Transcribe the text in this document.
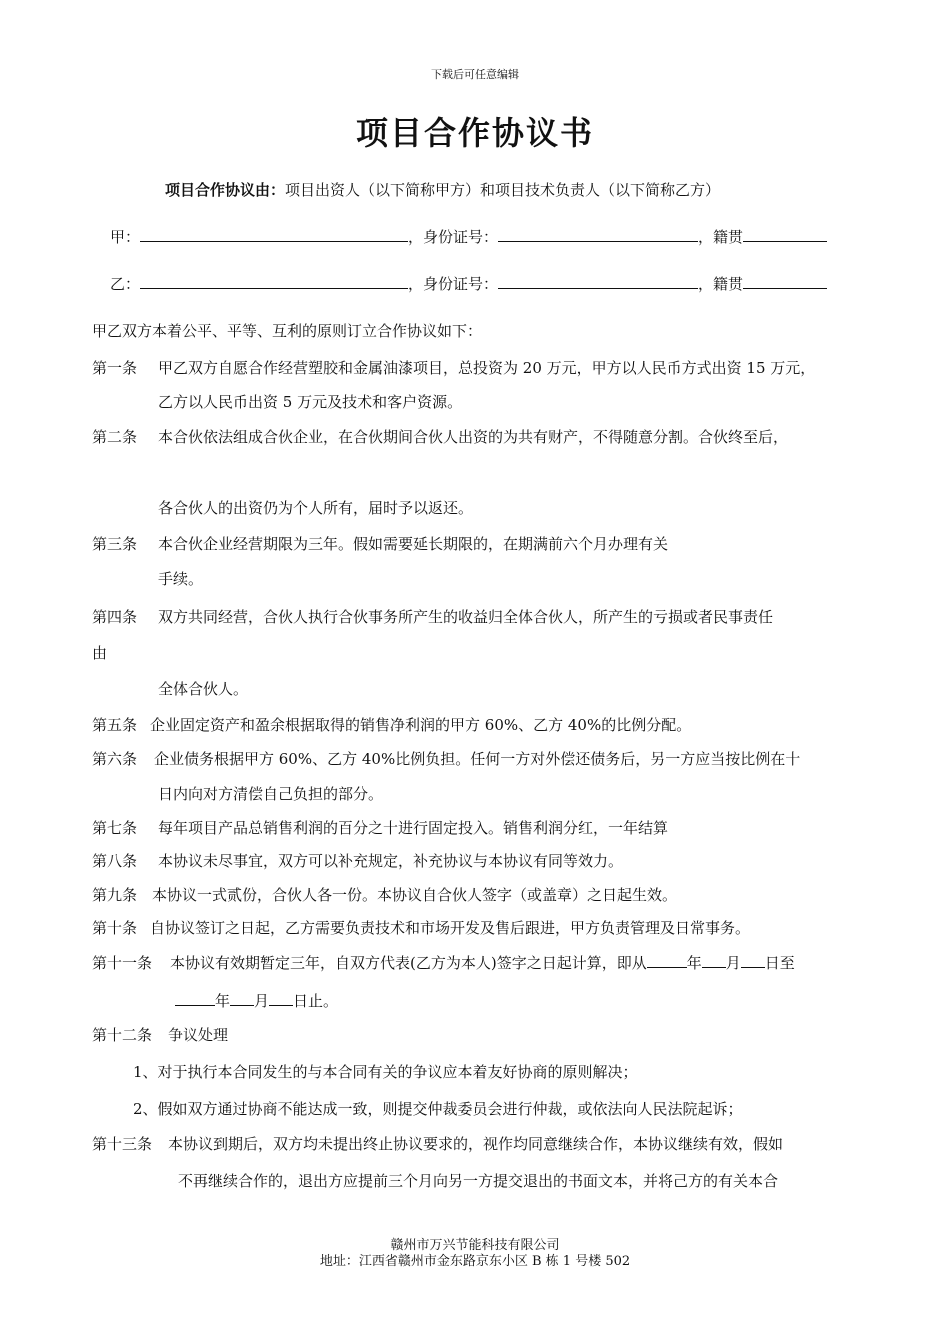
下载后可任意编辑
项目合作协议书
项目合作协议由：项目出资人（以下简称甲方）和项目技术负责人（以下简称乙方）
甲：	，身份证号：	，籍贯
乙：	，身份证号：	，籍贯
甲乙双方本着公平、平等、互利的原则订立合作协议如下：
第一条 甲乙双方自愿合作经营塑胶和金属油漆项目，总投资为 20 万元，甲方以人民币方式出资 15 万元，
乙方以人民币出资 5 万元及技术和客户资源。
第二条 本合伙依法组成合伙企业，在合伙期间合伙人出资的为共有财产，不得随意分割。合伙终至后，
各合伙人的出资仍为个人所有，届时予以返还。
第三条 本合伙企业经营期限为三年。假如需要延长期限的，在期满前六个月办理有关
手续。
第四条 双方共同经营，合伙人执行合伙事务所产生的收益归全体合伙人，所产生的亏损或者民事责任
由
全体合伙人。
第五条 企业固定资产和盈余根据取得的销售净利润的甲方 60%、乙方 40%的比例分配。
第六条 企业债务根据甲方 60%、乙方 40%比例负担。任何一方对外偿还债务后，另一方应当按比例在十
日内向对方清偿自己负担的部分。
第七条 每年项目产品总销售利润的百分之十进行固定投入。销售利润分红，一年结算
第八条 本协议未尽事宜，双方可以补充规定，补充协议与本协议有同等效力。
第九条 本协议一式贰份，合伙人各一份。本协议自合伙人签字（或盖章）之日起生效。
第十条 自协议签订之日起，乙方需要负责技术和市场开发及售后跟进，甲方负责管理及日常事务。
第十一条 本协议有效期暂定三年，自双方代表(乙方为本人)签字之日起计算，即从	年 月 日至
年 月 日止。
第十二条 争议处理
1、对于执行本合同发生的与本合同有关的争议应本着友好协商的原则解决；
2、假如双方通过协商不能达成一致，则提交仲裁委员会进行仲裁，或依法向人民法院起诉；
第十三条 本协议到期后，双方均未提出终止协议要求的，视作均同意继续合作，本协议继续有效，假如
不再继续合作的，退出方应提前三个月向另一方提交退出的书面文本，并将己方的有关本合
赣州市万兴节能科技有限公司
地址：江西省赣州市金东路京东小区 B 栋 1 号楼 502
